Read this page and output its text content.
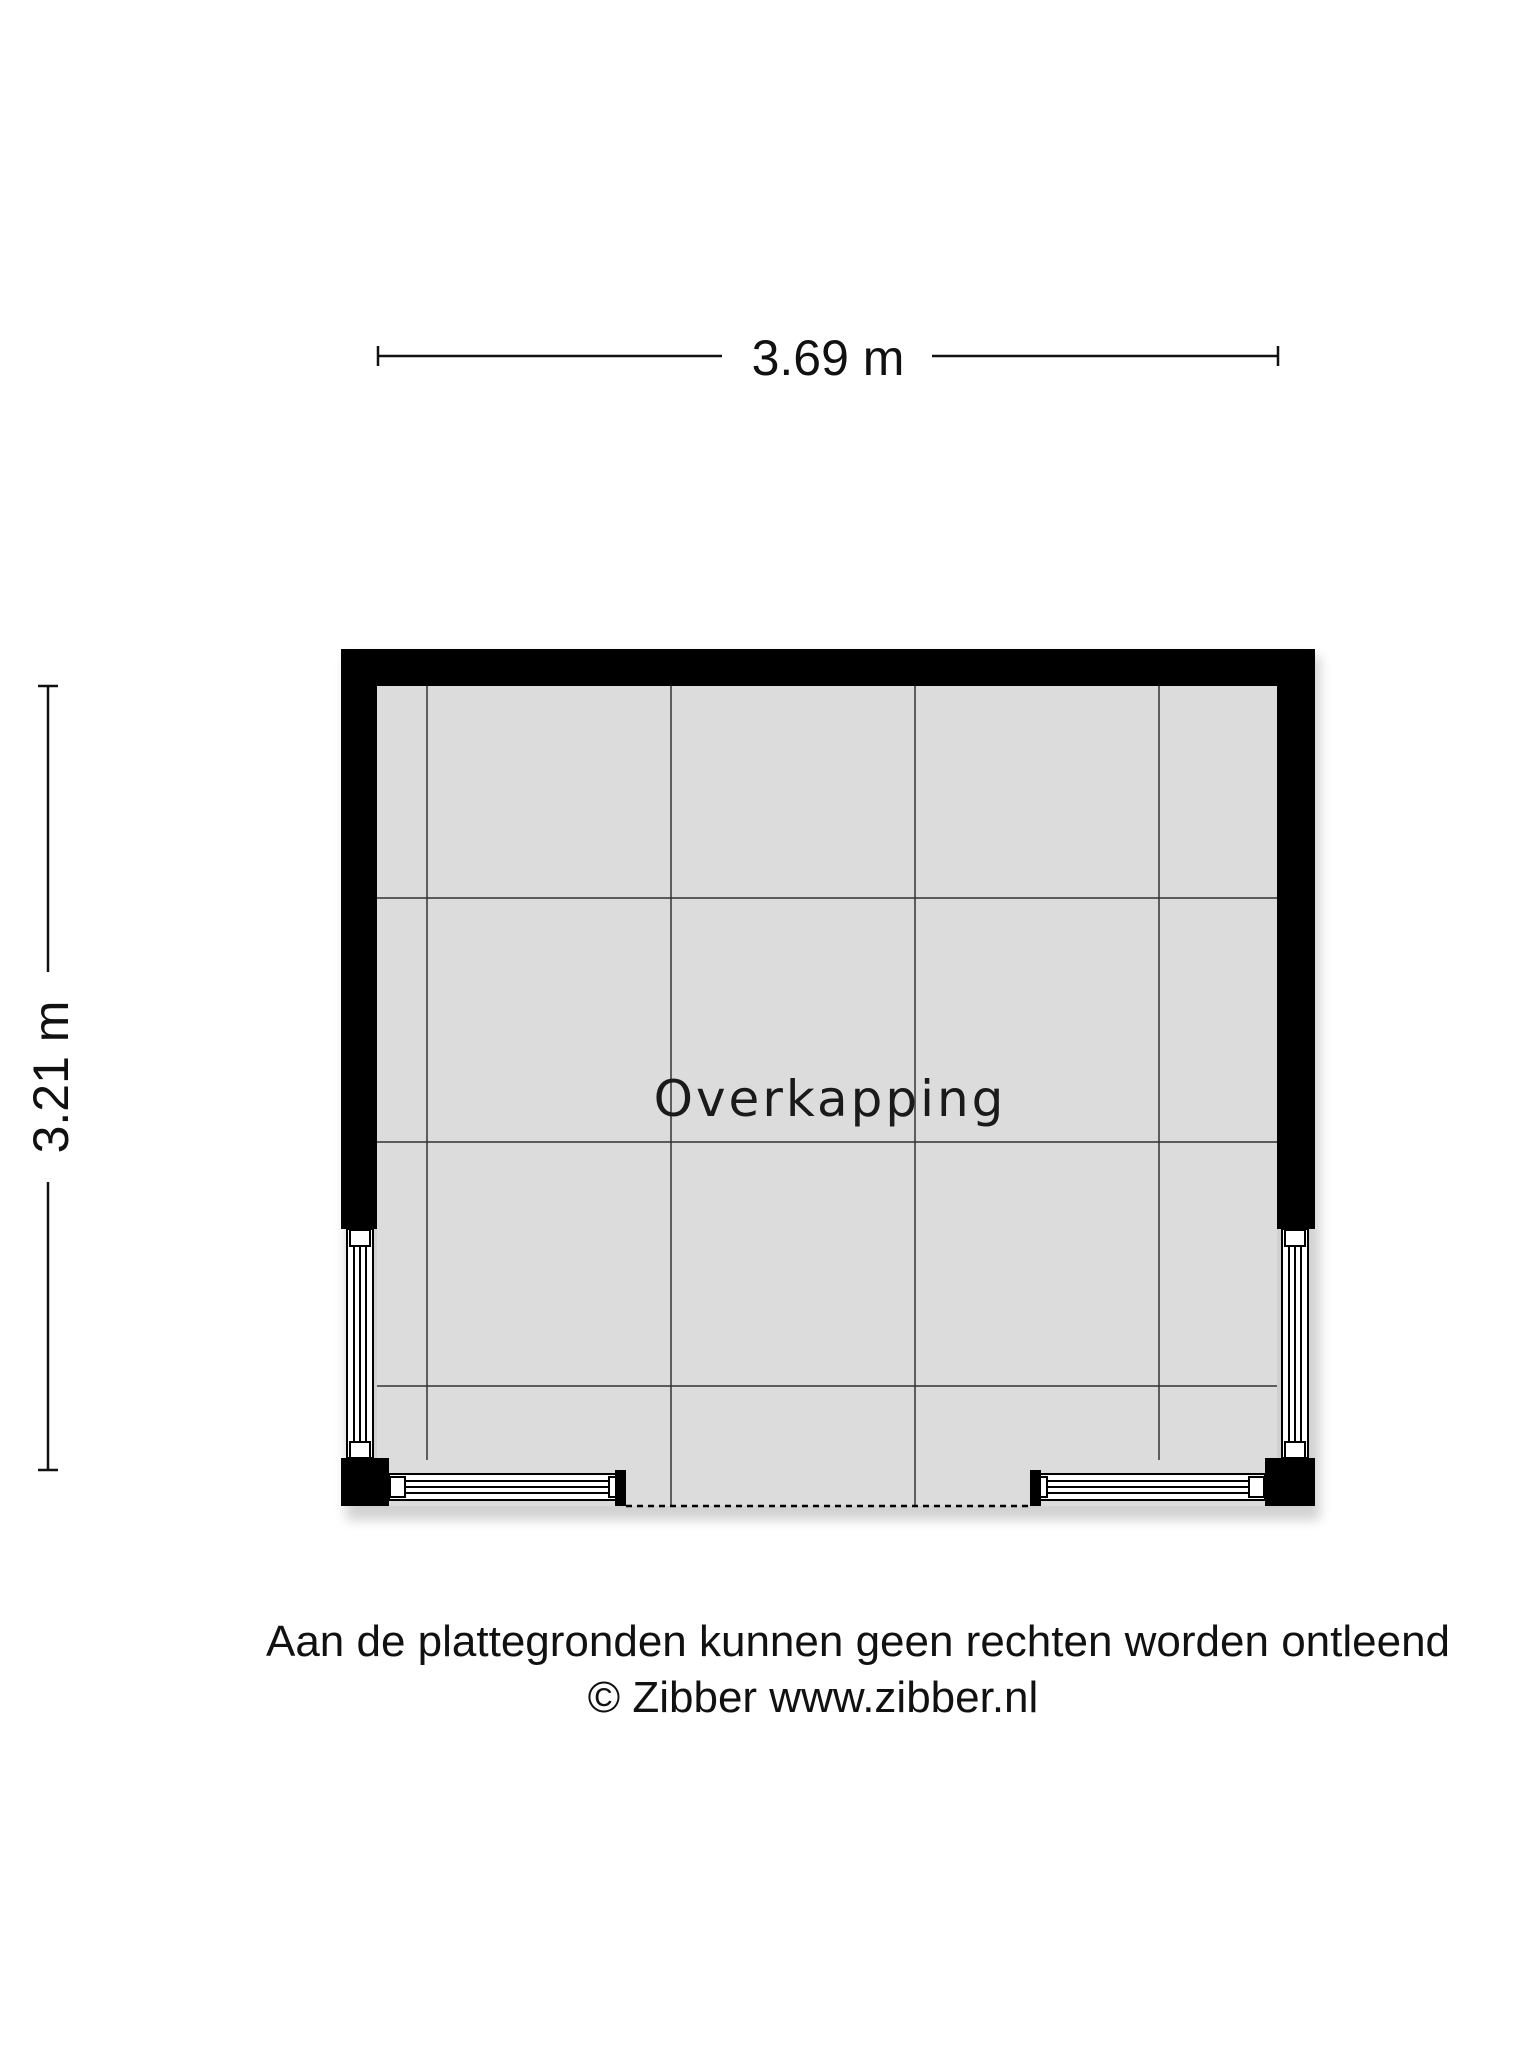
3.69 m
3.21 m	Overkapping
Aan de plattegronden kunnen geen rechten worden ontleend
© Zibber www.zibber.nl
